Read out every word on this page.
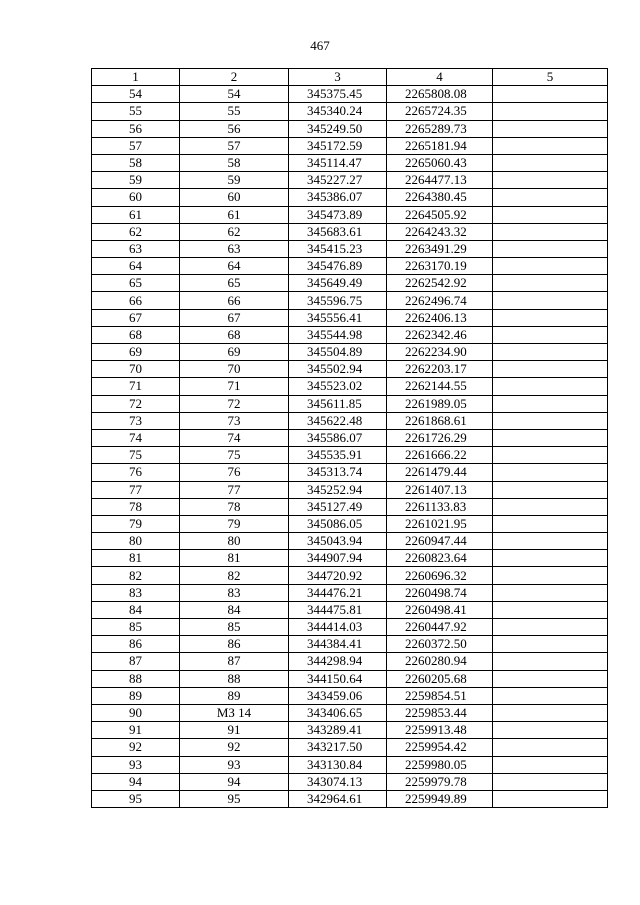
467
1	2	3	4	5
54	54	345375.45	2265808.08	
55	55	345340.24	2265724.35	
56	56	345249.50	2265289.73	
57	57	345172.59	2265181.94	
58	58	345114.47	2265060.43	
59	59	345227.27	2264477.13	
60	60	345386.07	2264380.45	
61	61	345473.89	2264505.92	
62	62	345683.61	2264243.32	
63	63	345415.23	2263491.29	
64	64	345476.89	2263170.19	
65	65	345649.49	2262542.92	
66	66	345596.75	2262496.74	
67	67	345556.41	2262406.13	
68	68	345544.98	2262342.46	
69	69	345504.89	2262234.90	
70	70	345502.94	2262203.17	
71	71	345523.02	2262144.55	
72	72	345611.85	2261989.05	
73	73	345622.48	2261868.61	
74	74	345586.07	2261726.29	
75	75	345535.91	2261666.22	
76	76	345313.74	2261479.44	
77	77	345252.94	2261407.13	
78	78	345127.49	2261133.83	
79	79	345086.05	2261021.95	
80	80	345043.94	2260947.44	
81	81	344907.94	2260823.64	
82	82	344720.92	2260696.32	
83	83	344476.21	2260498.74	
84	84	344475.81	2260498.41	
85	85	344414.03	2260447.92	
86	86	344384.41	2260372.50	
87	87	344298.94	2260280.94	
88	88	344150.64	2260205.68	
89	89	343459.06	2259854.51	
90	МЗ 14	343406.65	2259853.44	
91	91	343289.41	2259913.48	
92	92	343217.50	2259954.42	
93	93	343130.84	2259980.05	
94	94	343074.13	2259979.78	
95	95	342964.61	2259949.89	
